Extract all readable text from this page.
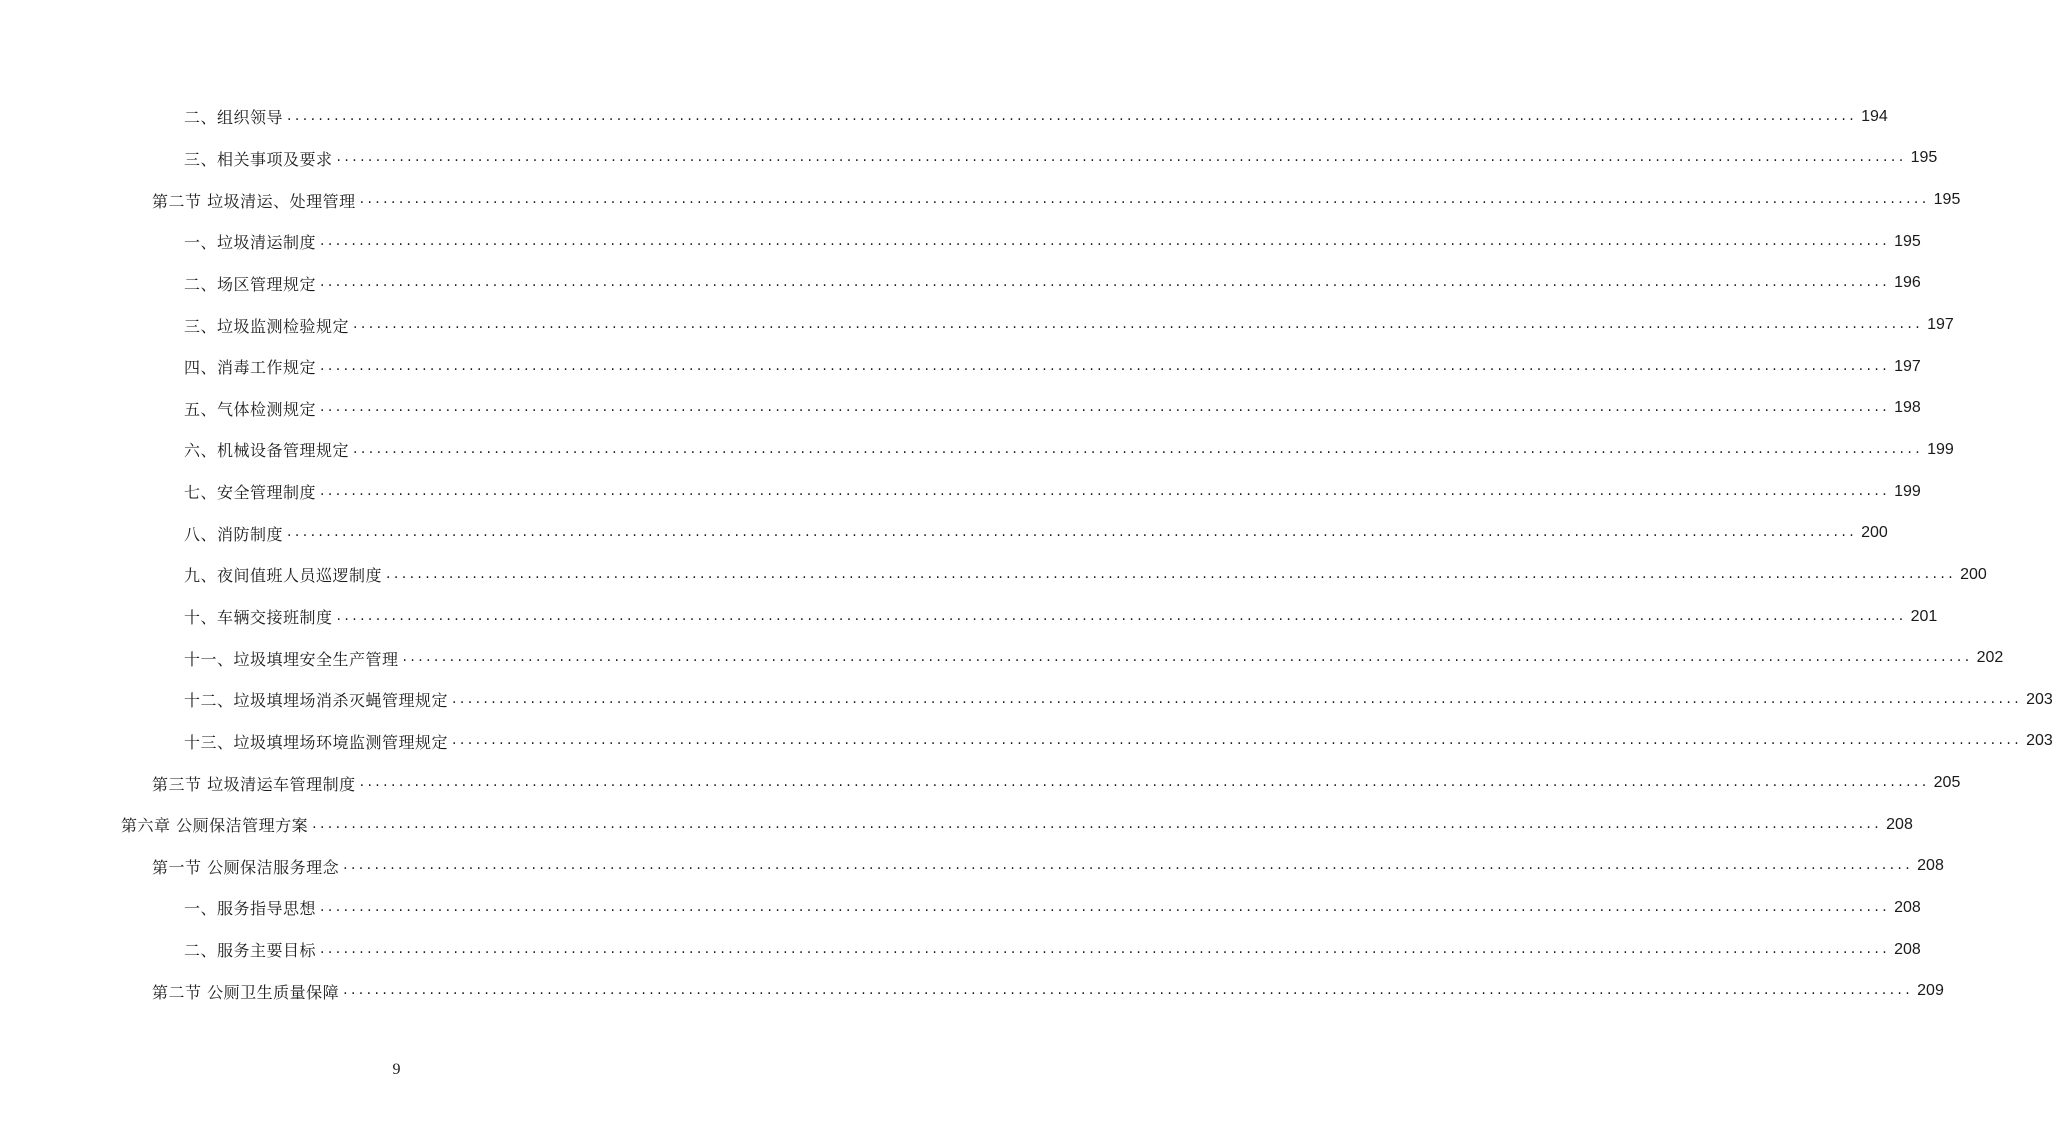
二、组织领导 ........................................................................................................................................................................................................ 194
三、相关事项及要求 ........................................................................................................................................................................................................ 195
第二节 垃圾清运、处理管理 ........................................................................................................................................................................................................ 195
一、垃圾清运制度 ........................................................................................................................................................................................................ 195
二、场区管理规定 ........................................................................................................................................................................................................ 196
三、垃圾监测检验规定 ........................................................................................................................................................................................................ 197
四、消毒工作规定 ........................................................................................................................................................................................................ 197
五、气体检测规定 ........................................................................................................................................................................................................ 198
六、机械设备管理规定 ........................................................................................................................................................................................................ 199
七、安全管理制度 ........................................................................................................................................................................................................ 199
八、消防制度 ........................................................................................................................................................................................................ 200
九、夜间值班人员巡逻制度 ........................................................................................................................................................................................................ 200
十、车辆交接班制度 ........................................................................................................................................................................................................ 201
十一、垃圾填埋安全生产管理 ........................................................................................................................................................................................................ 202
十二、垃圾填埋场消杀灭蝇管理规定 ........................................................................................................................................................................................................ 203
十三、垃圾填埋场环境监测管理规定 ........................................................................................................................................................................................................ 203
第三节 垃圾清运车管理制度 ........................................................................................................................................................................................................ 205
第六章 公厕保洁管理方案 ........................................................................................................................................................................................................ 208
第一节 公厕保洁服务理念 ........................................................................................................................................................................................................ 208
一、服务指导思想 ........................................................................................................................................................................................................ 208
二、服务主要目标 ........................................................................................................................................................................................................ 208
第二节 公厕卫生质量保障 ........................................................................................................................................................................................................ 209
9
